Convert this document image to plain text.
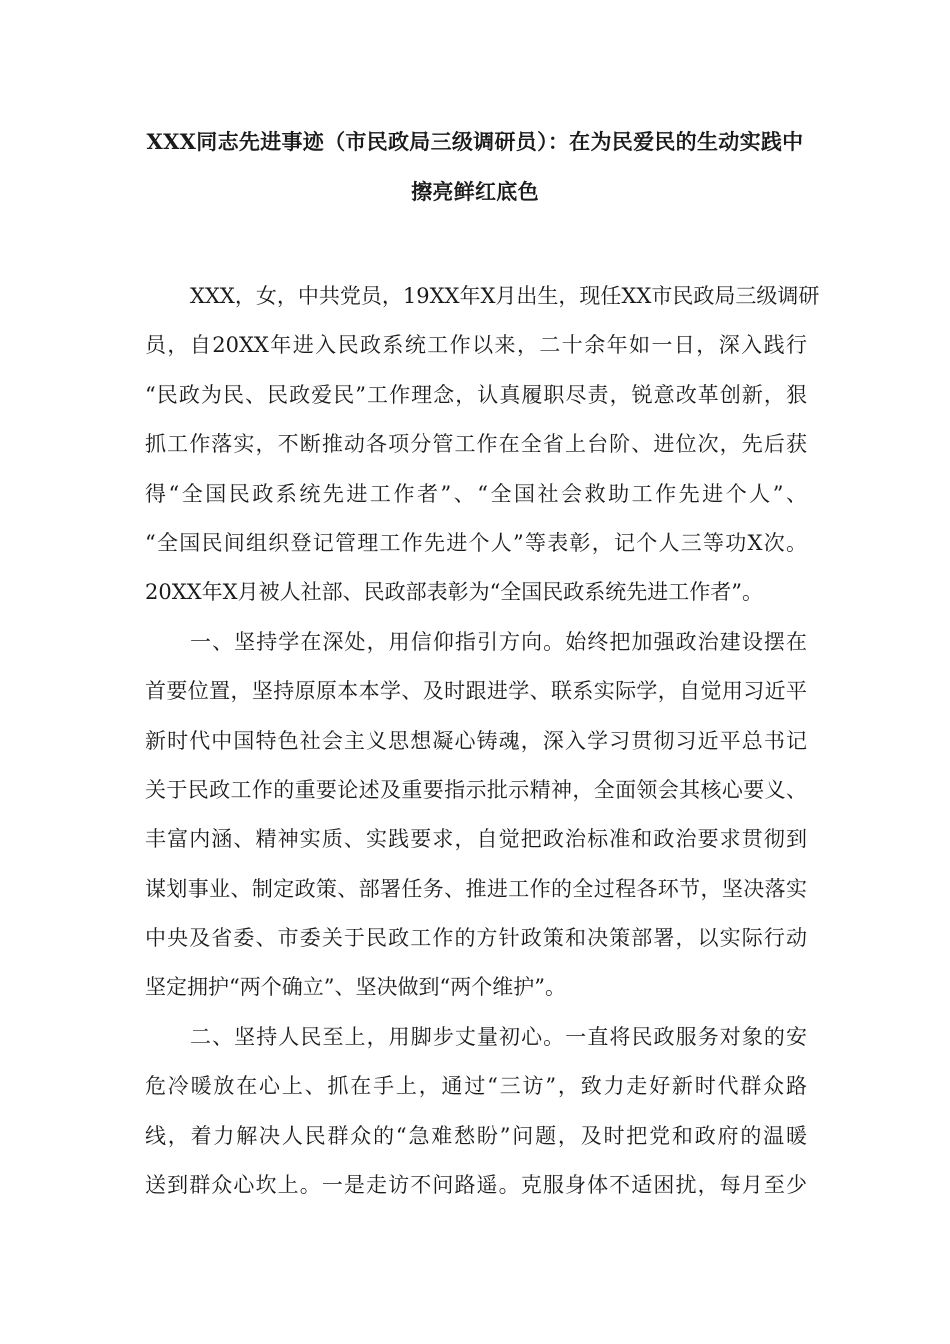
XXX同志先进事迹（市民政局三级调研员）：在为民爱民的生动实践中
擦亮鲜红底色
XXX，女，中共党员，19XX年X月出生，现任XX市民政局三级调研
员，自20XX年进入民政系统工作以来，二十余年如一日，深入践行
“民政为民、民政爱民”工作理念，认真履职尽责，锐意改革创新，狠
抓工作落实，不断推动各项分管工作在全省上台阶、进位次，先后获
得“全国民政系统先进工作者”、“全国社会救助工作先进个人”、
“全国民间组织登记管理工作先进个人”等表彰，记个人三等功X次。
20XX年X月被人社部、民政部表彰为“全国民政系统先进工作者”。
一、坚持学在深处，用信仰指引方向。始终把加强政治建设摆在
首要位置，坚持原原本本学、及时跟进学、联系实际学，自觉用习近平
新时代中国特色社会主义思想凝心铸魂，深入学习贯彻习近平总书记
关于民政工作的重要论述及重要指示批示精神，全面领会其核心要义、
丰富内涵、精神实质、实践要求，自觉把政治标准和政治要求贯彻到
谋划事业、制定政策、部署任务、推进工作的全过程各环节，坚决落实
中央及省委、市委关于民政工作的方针政策和决策部署，以实际行动
坚定拥护“两个确立”、坚决做到“两个维护”。
二、坚持人民至上，用脚步丈量初心。一直将民政服务对象的安
危冷暖放在心上、抓在手上，通过“三访”，致力走好新时代群众路
线，着力解决人民群众的“急难愁盼”问题，及时把党和政府的温暖
送到群众心坎上。一是走访不问路遥。克服身体不适困扰，每月至少
